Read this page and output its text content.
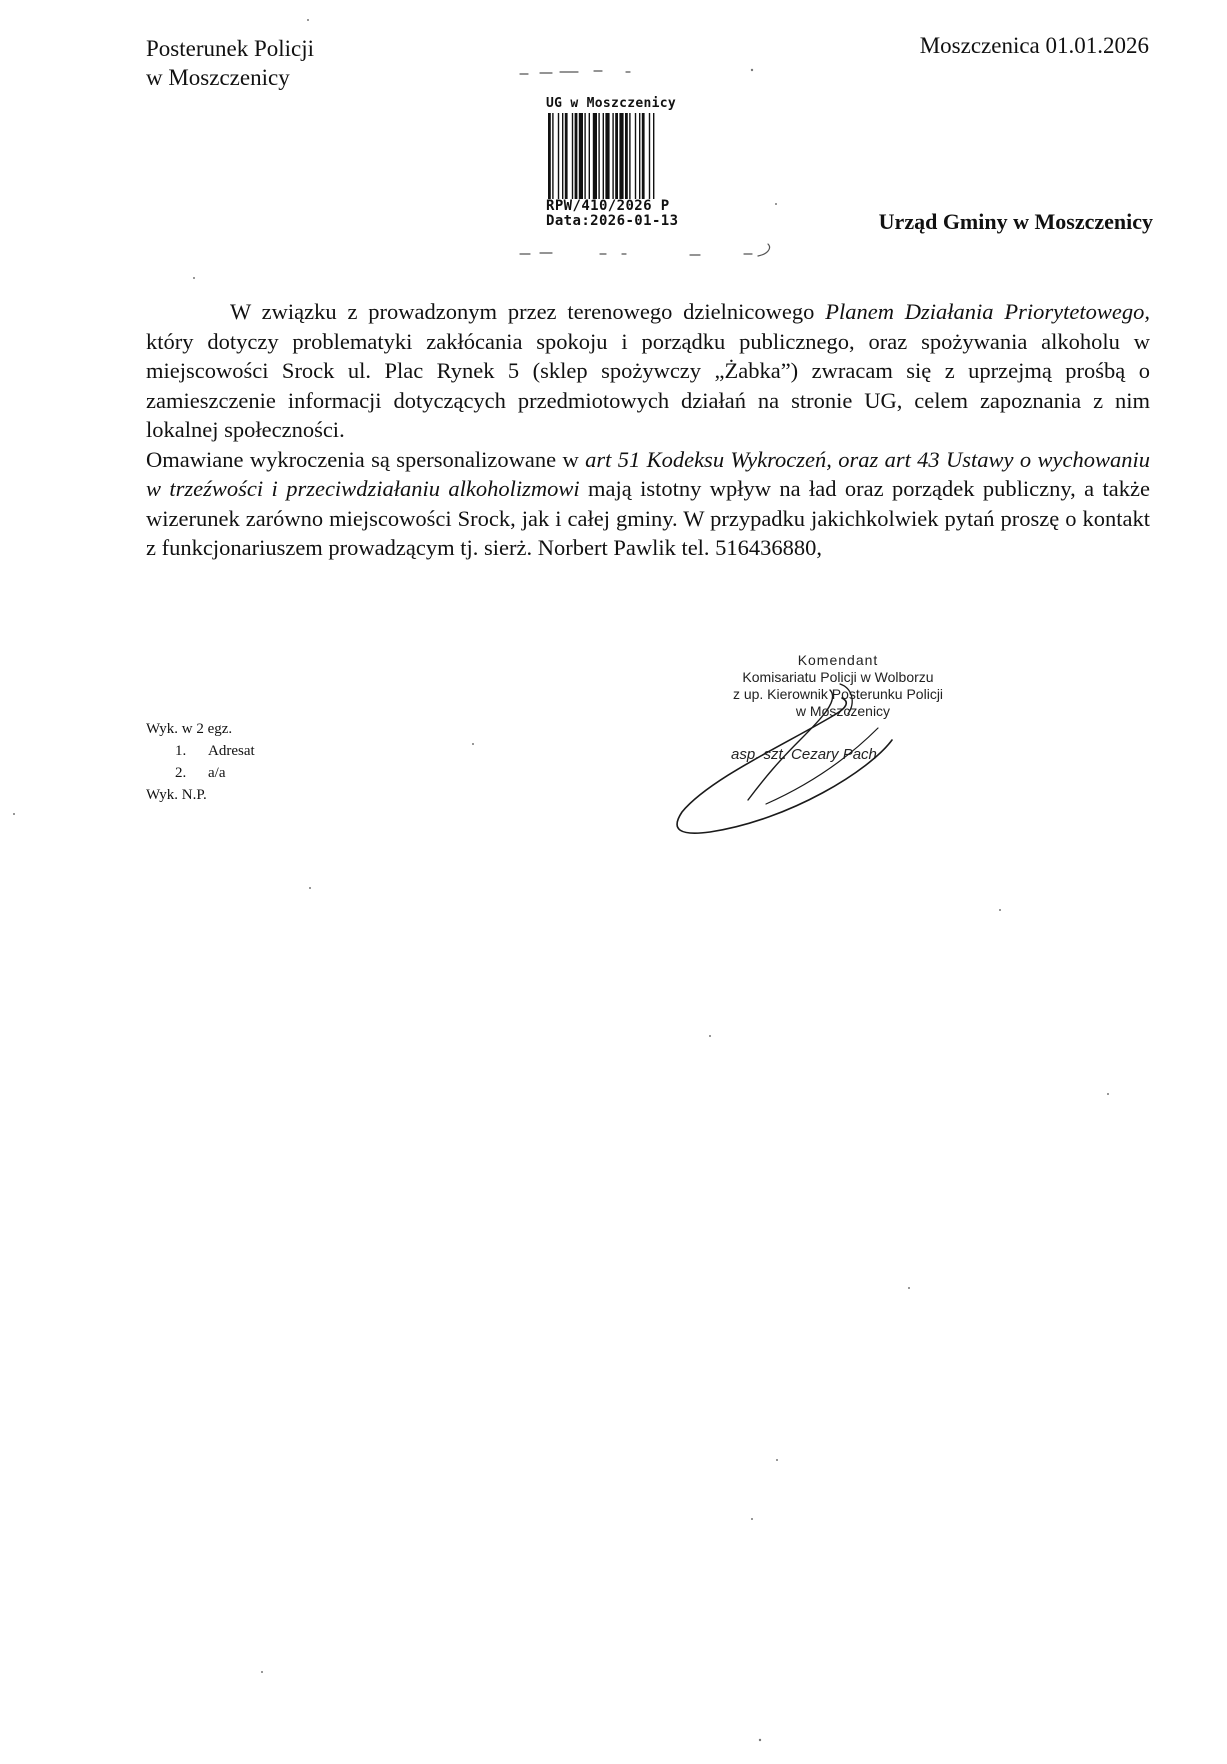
Posterunek Policji
w Moszczenicy
Moszczenica 01.01.2026
UG w Moszczenicy
RPW/410/2026 P
Data:2026-01-13	Urząd Gminy w Moszczenicy

W związku z prowadzonym przez terenowego dzielnicowego Planem Działania Priorytetowego, który dotyczy problematyki zakłócania spokoju i porządku publicznego, oraz spożywania alkoholu w miejscowości Srock ul. Plac Rynek 5 (sklep spożywczy „Żabka”) zwracam się z uprzejmą prośbą o zamieszczenie informacji dotyczących przedmiotowych działań na stronie UG, celem zapoznania z nim lokalnej społeczności.

Omawiane wykroczenia są spersonalizowane w art 51 Kodeksu Wykroczeń, oraz art 43 Ustawy o wychowaniu w trzeźwości i przeciwdziałaniu alkoholizmowi mają istotny wpływ na ład oraz porządek publiczny, a także wizerunek zarówno miejscowości Srock, jak i całej gminy. W przypadku jakichkolwiek pytań proszę o kontakt z funkcjonariuszem prowadzącym tj. sierż. Norbert Pawlik tel. 516436880,

Komendant
Komisariatu Policji w Wolborzu
z up. Kierownik Posterunku Policji
w Moszczenicy
asp. szt. Cezary Pach
Wyk. w 2 egz.
1. Adresat
2. a/a
Wyk. N.P.
